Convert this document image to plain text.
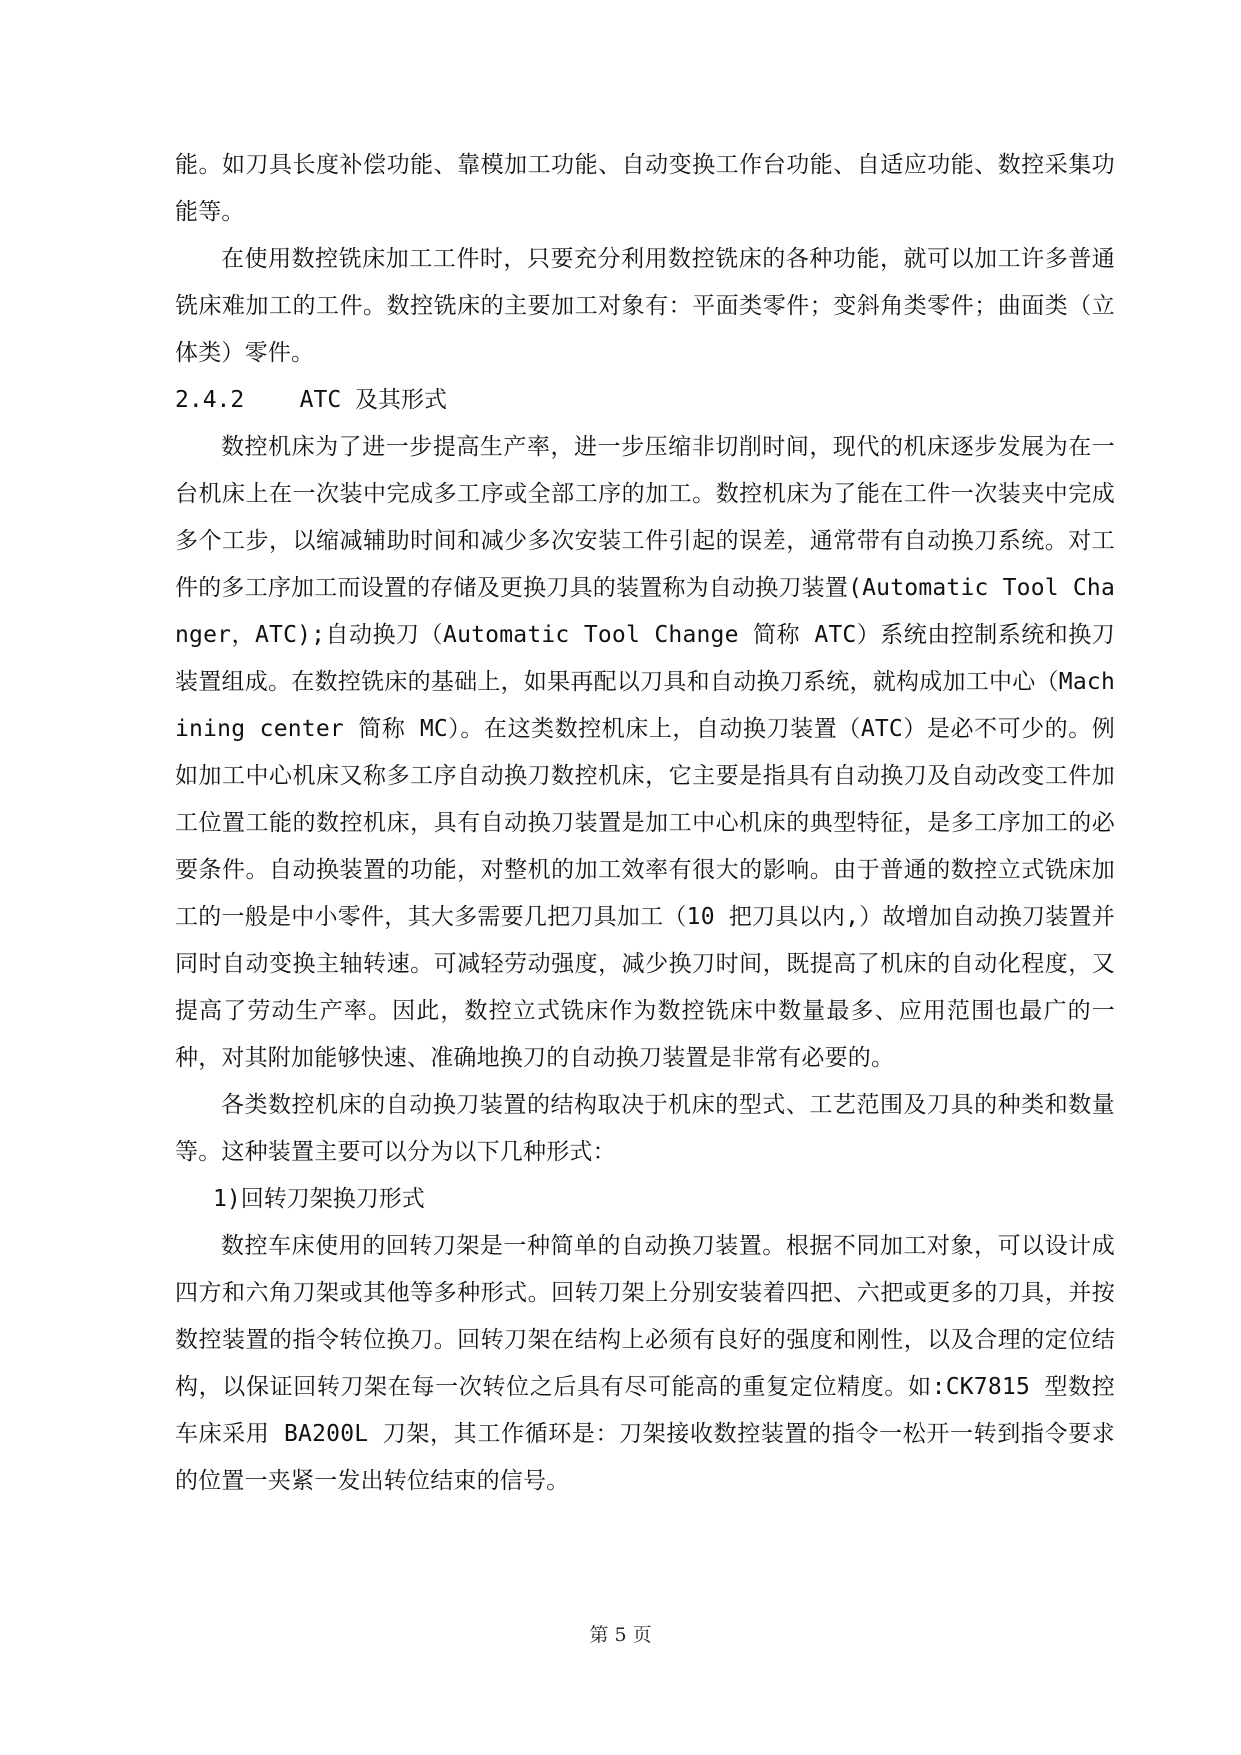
能。如刀具长度补偿功能、靠模加工功能、自动变换工作台功能、自适应功能、数控采集功能等。

在使用数控铣床加工工件时，只要充分利用数控铣床的各种功能，就可以加工许多普通铣床难加工的工件。数控铣床的主要加工对象有：平面类零件；变斜角类零件；曲面类（立体类）零件。

2.4.2 ATC 及其形式

数控机床为了进一步提高生产率，进一步压缩非切削时间，现代的机床逐步发展为在一台机床上在一次装中完成多工序或全部工序的加工。数控机床为了能在工件一次装夹中完成多个工步，以缩减辅助时间和减少多次安装工件引起的误差，通常带有自动换刀系统。对工件的多工序加工而设置的存储及更换刀具的装置称为自动换刀装置(Automatic Tool Changer，ATC);自动换刀（Automatic Tool Change 简称 ATC）系统由控制系统和换刀装置组成。在数控铣床的基础上，如果再配以刀具和自动换刀系统，就构成加工中心（Machining center 简称 MC）。在这类数控机床上，自动换刀装置（ATC）是必不可少的。例如加工中心机床又称多工序自动换刀数控机床，它主要是指具有自动换刀及自动改变工件加工位置工能的数控机床，具有自动换刀装置是加工中心机床的典型特征，是多工序加工的必要条件。自动换装置的功能，对整机的加工效率有很大的影响。由于普通的数控立式铣床加工的一般是中小零件，其大多需要几把刀具加工（10 把刀具以内,）故增加自动换刀装置并同时自动变换主轴转速。可减轻劳动强度，减少换刀时间，既提高了机床的自动化程度，又提高了劳动生产率。因此，数控立式铣床作为数控铣床中数量最多、应用范围也最广的一种，对其附加能够快速、准确地换刀的自动换刀装置是非常有必要的。

各类数控机床的自动换刀装置的结构取决于机床的型式、工艺范围及刀具的种类和数量等。这种装置主要可以分为以下几种形式：

1)回转刀架换刀形式

数控车床使用的回转刀架是一种简单的自动换刀装置。根据不同加工对象，可以设计成四方和六角刀架或其他等多种形式。回转刀架上分别安装着四把、六把或更多的刀具，并按数控装置的指令转位换刀。回转刀架在结构上必须有良好的强度和刚性，以及合理的定位结构，以保证回转刀架在每一次转位之后具有尽可能高的重复定位精度。如:CK7815 型数控车床采用 BA200L 刀架，其工作循环是：刀架接收数控装置的指令一松开一转到指令要求的位置一夹紧一发出转位结束的信号。

第 5 页
